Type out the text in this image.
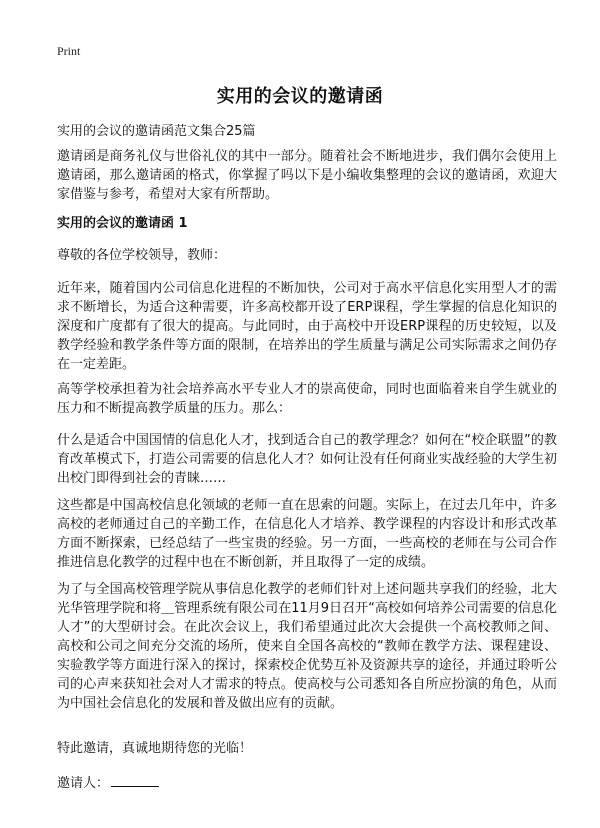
Print
实用的会议的邀请函
实用的会议的邀请函范文集合25篇
邀请函是商务礼仪与世俗礼仪的其中一部分。随着社会不断地进步，我们偶尔会使用上邀请函，那么邀请函的格式，你掌握了吗以下是小编收集整理的会议的邀请函，欢迎大家借鉴与参考，希望对大家有所帮助。
实用的会议的邀请函 1
尊敬的各位学校领导，教师：
近年来，随着国内公司信息化进程的不断加快，公司对于高水平信息化实用型人才的需求不断增长，为适合这种需要，许多高校都开设了ERP课程，学生掌握的信息化知识的深度和广度都有了很大的提高。与此同时，由于高校中开设ERP课程的历史较短，以及教学经验和教学条件等方面的限制，在培养出的学生质量与满足公司实际需求之间仍存在一定差距。
高等学校承担着为社会培养高水平专业人才的崇高使命，同时也面临着来自学生就业的压力和不断提高教学质量的压力。那么：
什么是适合中国国情的信息化人才，找到适合自己的教学理念？如何在“校企联盟”的教育改革模式下，打造公司需要的信息化人才？如何让没有任何商业实战经验的大学生初出校门即得到社会的青睐……
这些都是中国高校信息化领域的老师一直在思索的问题。实际上，在过去几年中，许多高校的老师通过自己的辛勤工作，在信息化人才培养、教学课程的内容设计和形式改革方面不断探索，已经总结了一些宝贵的经验。另一方面，一些高校的老师在与公司合作推进信息化教学的过程中也在不断创新，并且取得了一定的成绩。
为了与全国高校管理学院从事信息化教学的老师们针对上述问题共享我们的经验，北大光华管理学院和将＿管理系统有限公司在11月9日召开“高校如何培养公司需要的信息化人才”的大型研讨会。在此次会议上，我们希望通过此次大会提供一个高校教师之间、高校和公司之间充分交流的场所，使来自全国各高校的“教师在教学方法、课程建设、实验教学等方面进行深入的探讨，探索校企优势互补及资源共享的途径，并通过聆听公司的心声来获知社会对人才需求的特点。使高校与公司悉知各自所应扮演的角色，从而为中国社会信息化的发展和普及做出应有的贡献。
特此邀请，真诚地期待您的光临！
邀请人：
